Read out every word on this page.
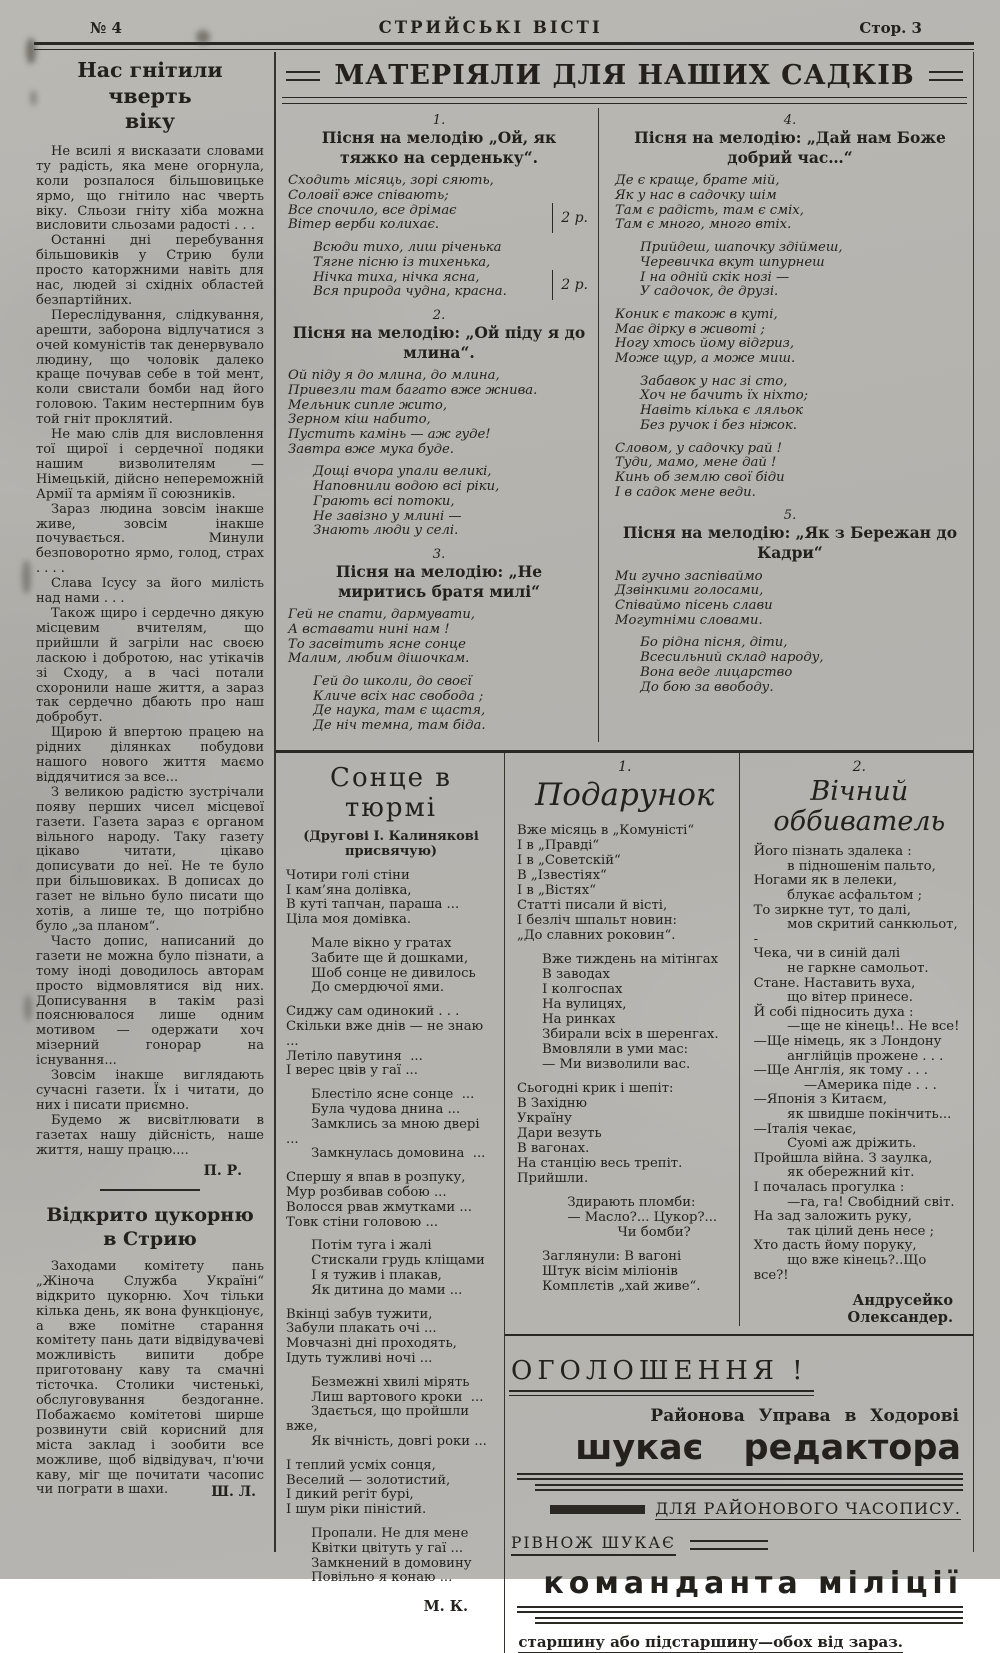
№ 4	СТРИЙСЬКІ ВІСТІ	Стор. 3
Нас гнітили чверть
віку

Не всилі я висказати словами ту радість, яка мене огорнула, коли розпалося більшовицьке ярмо, що гнітило нас чверть віку. Сльози гніту хіба можна висловити сльозами радості . . .

Останні дні перебування більшовиків у Стрию були просто каторжними навіть для нас, людей зі східніх областей безпартійних.

Переслідування, слідкування, арешти, заборона відлучатися з очей комуністів так денервувало людину, що чоловік далеко краще почував себе в той мент, коли свистали бомби над його головою. Таким нестерпним був той гніт проклятий.

Не маю слів для висловлення тої щирої і сердечної подяки нашим визволителям — Німецькій, дійсно непереможній Армії та арміям її союзників.

Зараз людина зовсім інакше живе, зовсім інакше почувається. Минули безповоротно ярмо, голод, страх . . . .

Слава Ісусу за його милість над нами . . .

Також щиро і сердечно дякую місцевим вчителям, що прийшли й загріли нас своєю ласкою і добротою, нас утікачів зі Сходу, а в часі потали схоронили наше життя, а зараз так сердечно дбають про наш добробут.

Щирою й впертою працею на рідних ділянках побудови нашого нового життя маємо віддячитися за все...

З великою радістю зустрічали появу перших чисел місцевої газети. Газета зараз є органом вільного народу. Таку газету цікаво читати, цікаво дописувати до неї. Не те було при більшовиках. В дописах до газет не вільно було писати що хотів, а лише те, що потрібно було „за планом“.

Часто допис, написаний до газети не можна було пізнати, а тому іноді доводилось авторам просто відмовлятися від них. Дописування в такім разі пояснювалося лише одним мотивом — одержати хоч мізерний гонорар на існування...

Зовсім інакше виглядають сучасні газети. Їх і читати, до них і писати приємно.

Будемо ж висвітлювати в газетах нашу дійсність, наше життя, нашу працю....

П. Р.
Відкрито цукорню
в Стрию

Заходами комітету пань „Жіноча Служба Україні“ відкрито цукорню. Хоч тільки кілька день, як вона функціонує, а вже помітне старання комітету пань дати відвідувачеві можливість випити добре приготовану каву та смачні тісточка. Столики чистенькі, обслуговування бездоганне. Побажаємо комітетові ширше розвинути свій корисний для міста заклад і зообити все можливе, щоб відвідувач, п'ючи каву, міг ще почитати часопис чи пограти в шахи.	Ш. Л.
МАТЕРІЯЛИ ДЛЯ НАШИХ САДКІВ
1.
Пісня на мелодію „Ой, як тяжко на серденьку“.
Сходить місяць, зорі сяють,
Соловії вже співають;
Все спочило, все дрімає
Вітер верби колихає.	2 р.
Всюди тихо, лиш річенька
Тягне пісню із тихенька,
Нічка тиха, нічка ясна,
Вся природа чудна, красна.	2 р.
2.
Пісня на мелодію: „Ой піду я до млина“.
Ой піду я до млина, до млина,
Привезли там багато вже жнива.
Мельник сипле жито,
Зерном кіш набито,
Пустить камінь — аж гуде!
Завтра вже мука буде.
Дощі вчора упали великі,
Наповнили водою всі ріки,
Грають всі потоки,
Не завізно у млині —
Знають люди у селі.
3.
Пісня на мелодію: „Не миритись братя милі“
Гей не спати, дармувати,
А вставати нині нам !
То засвітить ясне сонце
Малим, любим дішочкам.
Гей до школи, до своєї
Кличе всіх нас свобода ;
Де наука, там є щастя,
Де ніч темна, там біда.
4.
Пісня на мелодію: „Дай нам Боже добрий час…“
Де є краще, брате мій,
Як у нас в садочку шім
Там є радість, там є сміх,
Там є много, много втіх.
Прийдеш, шапочку здіймеш,
Черевичка вкут шпурнеш
І на одній скік нозі —
У садочок, де друзі.
Коник є також в куті,
Має дірку в животі ;
Ногу хтось йому відгриз,
Може щур, а може миш.
Забавок у нас зі сто,
Хоч не бачить їх ніхто;
Навіть кілька є ляльок
Без ручок і без ніжок.
Словом, у садочку рай !
Туди, мамо, мене дай !
Кинь об землю свої біди
І в садок мене веди.
5.
Пісня на мелодію: „Як з Бережан до Кадри“
Ми гучно заспіваймо
Дзвінкими голосами,
Співаймо пісень слави
Могутніми словами.
Бо рідна пісня, діти,
Всесильний склад народу,
Вона веде лицарство
До бою за ввободу.
Сонце в тюрмі
(Другові І. Калинякові
присвячую)
Чотири голі стіни
І кам’яна долівка,
В куті тапчан, параша ...
Ціла моя домівка.
Мале вікно у гратах
Забите ще й дошками,
Шоб сонце не дивилось
До смердючої ями.
Сиджу сам одинокий . . .
Скільки вже днів — не знаю ...
Летіло павутиня  ...
І верес цвів у гаї ...
Блестіло ясне сонце  ...
Була чудова днина ...
Замклись за мною двері ...
Замкнулась домовина  ...
Спершу я впав в розпуку,
Мур розбивав собою ...
Волосся рвав жмутками ...
Товк стіни головою ...
Потім туга і жалі
Стискали грудь кліщами
І я тужив і плакав,
Як дитина до мами ...
Вкінці забув тужити,
Забули плакать очі ...
Мовчазні дні проходять,
Ідуть тужливі ночі ...
Безмежні хвилі мірять
Лиш вартового кроки  ...
Здається, що пройшли вже,
Як вічність, довгі роки ...
І теплий усміх сонця,
Веселий — золотистий,
І дикий регіт бурі,
І шум ріки піністий.
Пропали. Не для мене
Квітки цвітуть у гаї ...
Замкнений в домовину
Повільно я конаю ...
М. К.
1.
Подарунок
Вже місяць в „Комуністі“
І в „Правді“
І в „Советскій“
В „Ізвестіях“
І в „Вістях“
Статті писали й вісті,
І безліч шпальт новин:
„До славних роковин“.
Вже тиждень на мітінгах
В заводах
І колгоспах
На вулицях,
На ринках
Збирали всіх в шеренгах.
Вмовляли в уми мас:
— Ми визволили вас.
Сьогодні крик і шепіт:
В Західню
Україну
Дари везуть
В вагонах.
На станцію весь трепіт.
Прийшли.
Здирають пломби:
— Масло?... Цукор?...
Чи бомби?
Заглянули: В вагоні
Штук вісім міліонів
Комплєтів „хай живе“.
2.
Вічний
оббиватель
Його пізнать здалека :
в підношенім пальто,
Ногами як в лелеки,
блукає асфальтом ;
То зиркне тут, то далі,
мов скритий санкюльот, -
Чека, чи в синій далі
не гаркне самольот.
Стане. Наставить вуха,
що вітер принесе.
Й собі підносить духа :
—ще не кінець!.. Не все!
—Ще німець, як з Лондону
англійців прожене . . .
—Ще Англія, як тому . . .
—Америка піде . . .
—Японія з Китаєм,
як швидше покінчить...
—Італія чекає,
Суомі аж дріжить.
Пройшла війна. З заулка,
як обережний кіт.
І почалась прогулка :
—га, га! Свобідний світ.
На зад заложить руку,
так цілий день несе ;
Хто дасть йому поруку,
що вже кінець?..Що все?!
Андрусейко Олександер.
ОГОЛОШЕННЯ !
Районова Управа в Ходорові
шукає редактора
ДЛЯ РАЙОНОВОГО ЧАСОПИСУ.
РІВНОЖ ШУКАЄ
команданта міліції
старшину або підстаршину—обох від зараз.
